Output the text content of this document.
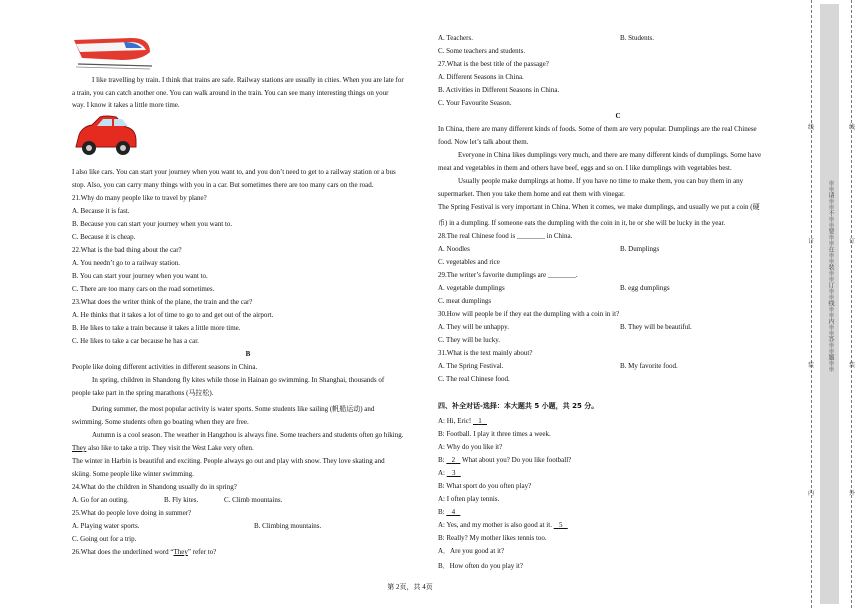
I like travelling by train. I think that trains are safe. Railway stations are usually in cities. When you are late for
a train, you can catch another one. You can walk around in the train. You can see many interesting things on your
way. I know it takes a little more time.
I also like cars. You can start your journey when you want to, and you don’t need to get to a railway station or a bus
stop. Also, you can carry many things with you in a car. But sometimes there are too many cars on the road.
21.Why do many people like to travel by plane?
A. Because it is fast.
B. Because you can start your journey when you want to.
C. Because it is cheap.
22.What is the bad thing about the car?
A. You needn’t go to a railway station.
B. You can start your journey when you want to.
C. There are too many cars on the road sometimes.
23.What does the writer think of the plane, the train and the car?
A. He thinks that it takes a lot of time to go to and get out of the airport.
B. He likes to take a train because it takes a little more time.
C. He likes to take a car because he has a car.
B
People like doing different activities in different seasons in China.
In spring, children in Shandong fly kites while those in Hainan go swimming. In Shanghai, thousands of
people take part in the spring marathons (马拉松).
During summer, the most popular activity is water sports. Some students like sailing (帆船运动) and
swimming. Some students often go boating when they are free.
Autumn is a cool season. The weather in Hangzhou is always fine. Some teachers and students often go hiking.
They also like to take a trip. They visit the West Lake very often.
The winter in Harbin is beautiful and exciting. People always go out and play with snow. They love skating and
skiing. Some people like winter swimming.
24.What do the children in Shandong usually do in spring?
A. Go for an outing.	B. Fly kites.	C. Climb mountains.
25.What do people love doing in summer?
A. Playing water sports.	B. Climbing mountains.
C. Going out for a trip.
26.What does the underlined word “They” refer to?
A. Teachers.	B. Students.
C. Some teachers and students.
27.What is the best title of the passage?
A. Different Seasons in China.
B. Activities in Different Seasons in China.
C. Your Favourite Season.
C
In China, there are many different kinds of foods. Some of them are very popular. Dumplings are the real Chinese
food. Now let’s talk about them.
Everyone in China likes dumplings very much, and there are many different kinds of dumplings. Some have
meat and vegetables in them and others have beef, eggs and so on. I like dumplings with vegetables best.
Usually people make dumplings at home. If you have no time to make them, you can buy them in any
supermarket. Then you take them home and eat them with vinegar.
The Spring Festival is very important in China. When it comes, we make dumplings, and usually we put a coin (硬
币) in a dumpling. If someone eats the dumpling with the coin in it, he or she will be lucky in the year.
28.The real Chinese food is ________ in China.
A. Noodles	B. Dumplings
C. vegetables and rice
29.The writer’s favorite dumplings are ________.
A. vegetable dumplings	B. egg dumplings
C. meat dumplings
30.How will people be if they eat the dumpling with a coin in it?
A. They will be unhappy.	B. They will be beautiful.
C. They will be lucky.
31.What is the text mainly about?
A. The Spring Festival.	B. My favorite food.
C. The real Chinese food.
四、补全对话-选择：本大题共 5 小题，共 25 分。
A: Hi, Eric! 1
B: Football. I play it three times a week.
A: Why do you like it?
B: 2    What about you? Do you like football?
A: 3
B: What sport do you often play?
A: I often play tennis.
B: 4
A: Yes, and my mother is also good at it. 5
B: Really? My mother likes tennis too.
A．Are you good at it?
B．How often do you play it?
第 2页，共 4页
※※请※※不※※要※※在※※装※※订※※线※※内※※答※※题※※
线
订
装
内
线
订
装
外
